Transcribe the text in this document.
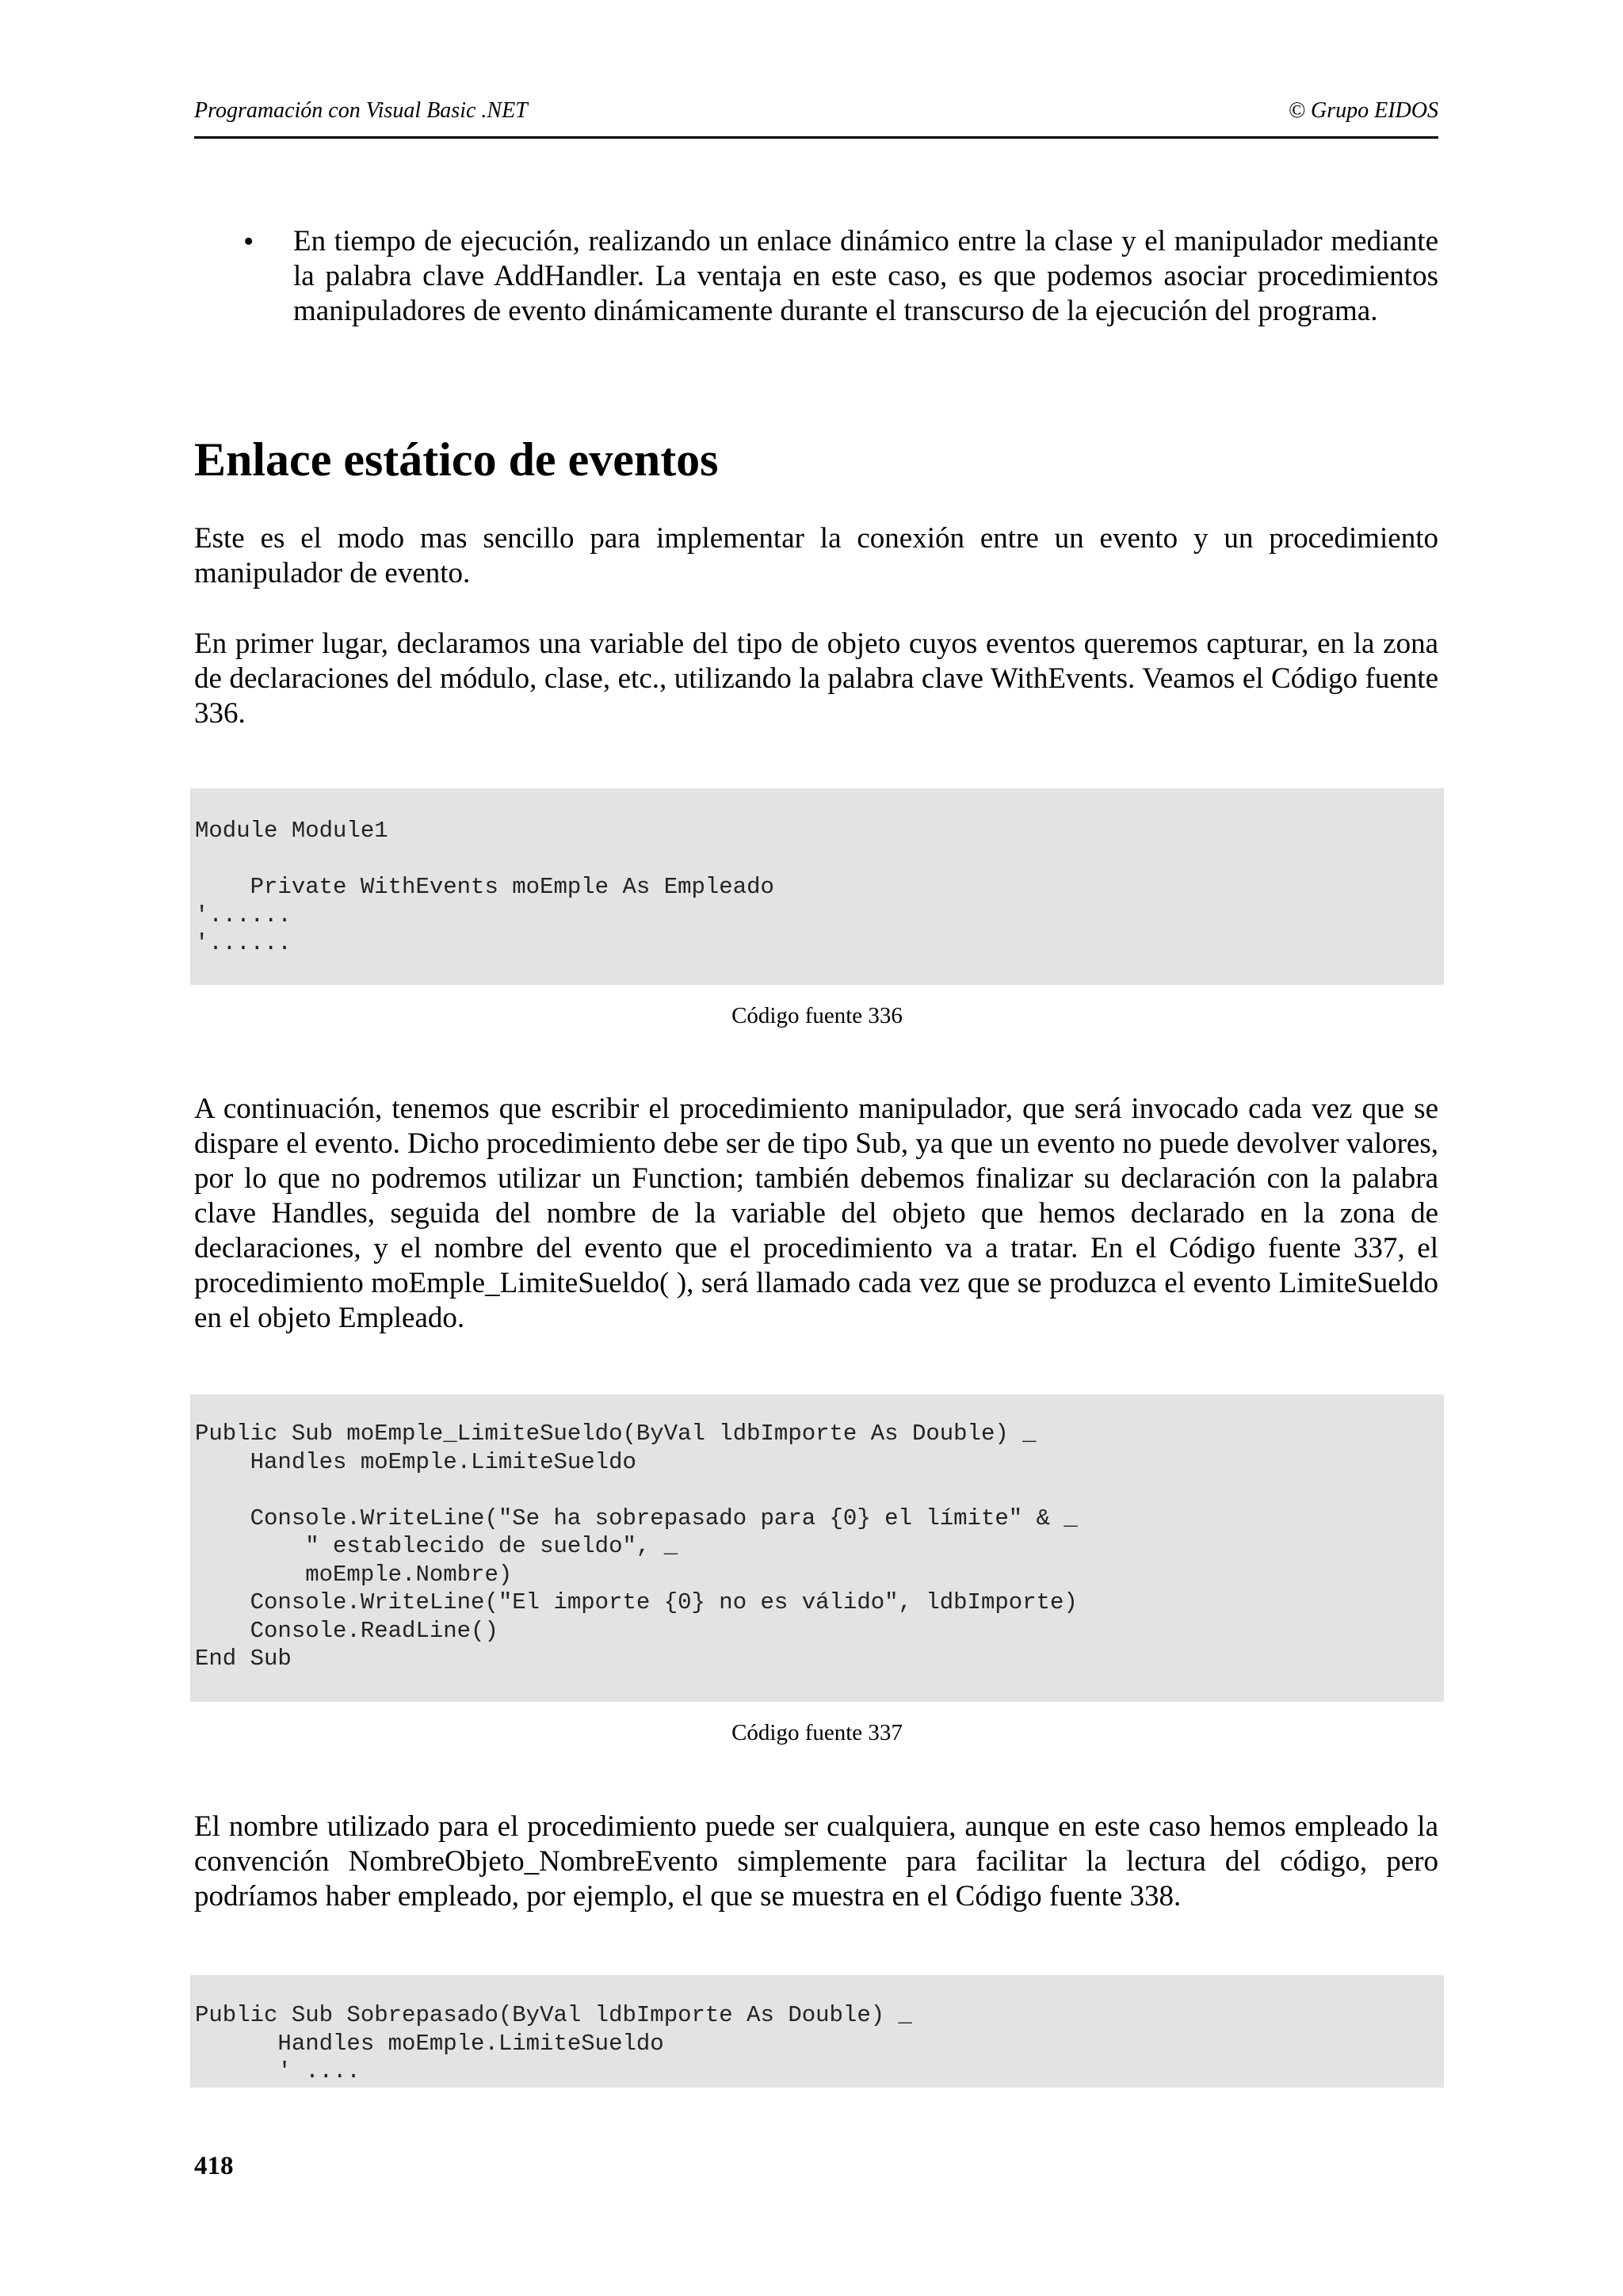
Programación con Visual Basic .NET	© Grupo EIDOS
• En tiempo de ejecución, realizando un enlace dinámico entre la clase y el manipulador mediante la palabra clave AddHandler. La ventaja en este caso, es que podemos asociar procedimientos manipuladores de evento dinámicamente durante el transcurso de la ejecución del programa.

Enlace estático de eventos

Este es el modo mas sencillo para implementar la conexión entre un evento y un procedimiento manipulador de evento.

En primer lugar, declaramos una variable del tipo de objeto cuyos eventos queremos capturar, en la zona de declaraciones del módulo, clase, etc., utilizando la palabra clave WithEvents. Veamos el Código fuente 336.

Module Module1

Private WithEvents moEmple As Empleado
'......
'......
Código fuente 336

A continuación, tenemos que escribir el procedimiento manipulador, que será invocado cada vez que se dispare el evento. Dicho procedimiento debe ser de tipo Sub, ya que un evento no puede devolver valores, por lo que no podremos utilizar un Function; también debemos finalizar su declaración con la palabra clave Handles, seguida del nombre de la variable del objeto que hemos declarado en la zona de declaraciones, y el nombre del evento que el procedimiento va a tratar. En el Código fuente 337, el procedimiento moEmple_LimiteSueldo( ), será llamado cada vez que se produzca el evento LimiteSueldo en el objeto Empleado.

Public Sub moEmple_LimiteSueldo(ByVal ldbImporte As Double) _
Handles moEmple.LimiteSueldo

Console.WriteLine("Se ha sobrepasado para {0} el límite" & _
" establecido de sueldo", _
moEmple.Nombre)
Console.WriteLine("El importe {0} no es válido", ldbImporte)
Console.ReadLine()
End Sub
Código fuente 337

El nombre utilizado para el procedimiento puede ser cualquiera, aunque en este caso hemos empleado la convención NombreObjeto_NombreEvento simplemente para facilitar la lectura del código, pero podríamos haber empleado, por ejemplo, el que se muestra en el Código fuente 338.

Public Sub Sobrepasado(ByVal ldbImporte As Double) _
Handles moEmple.LimiteSueldo
' ....
418
